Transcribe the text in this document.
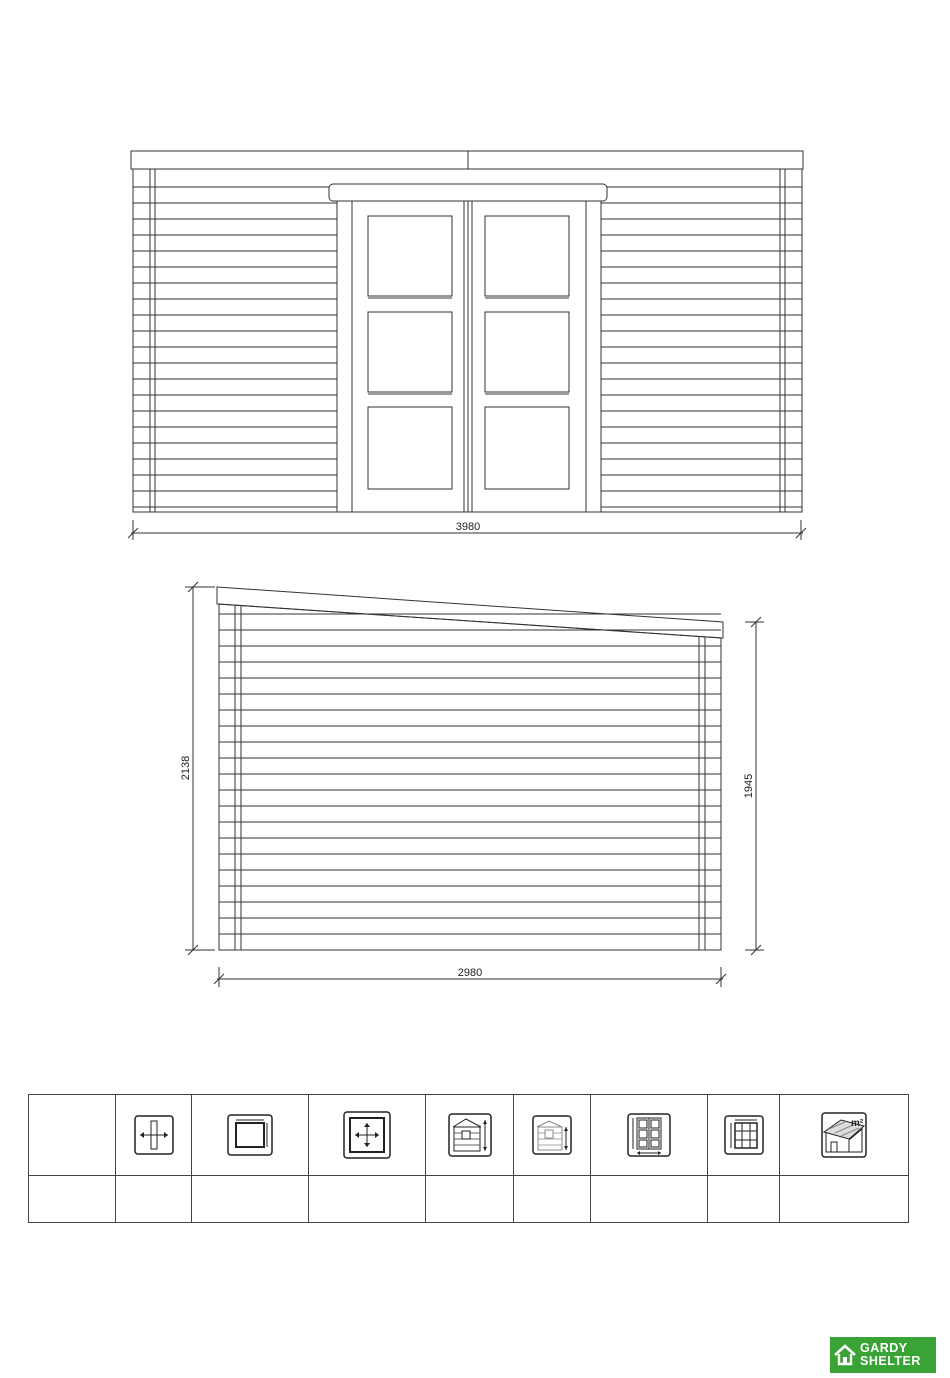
3980
2980
2138
1945

m²

GARDY
SHELTER
